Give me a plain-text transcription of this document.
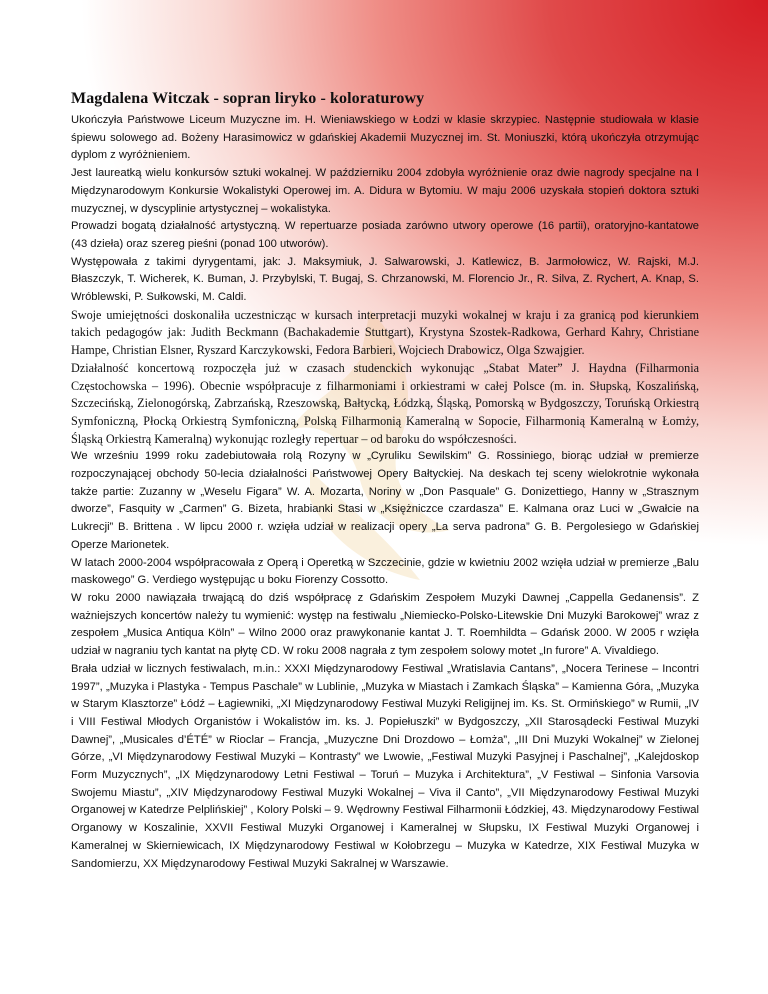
Magdalena Witczak - sopran liryko - koloraturowy

Ukończyła Państwowe Liceum Muzyczne im. H. Wieniawskiego w Łodzi w klasie skrzypiec. Następnie studiowała w klasie śpiewu solowego ad. Bożeny Harasimowicz w gdańskiej Akademii Muzycznej im. St. Moniuszki, którą ukończyła otrzymując dyplom z wyróżnieniem.

Jest laureatką wielu konkursów sztuki wokalnej. W październiku 2004 zdobyła wyróżnienie oraz dwie nagrody specjalne na I Międzynarodowym Konkursie Wokalistyki Operowej im. A. Didura w Bytomiu. W maju 2006 uzyskała stopień doktora sztuki muzycznej, w dyscyplinie artystycznej – wokalistyka.

Prowadzi bogatą działalność artystyczną. W repertuarze posiada zarówno utwory operowe (16 partii), oratoryjno-kantatowe (43 dzieła) oraz szereg pieśni (ponad 100 utworów).

Występowała z takimi dyrygentami, jak: J. Maksymiuk, J. Salwarowski, J. Katlewicz, B. Jarmołowicz, W. Rajski, M.J. Błaszczyk, T. Wicherek, K. Buman, J. Przybylski, T. Bugaj, S. Chrzanowski, M. Florencio Jr., R. Silva, Z. Rychert, A. Knap, S. Wróblewski, P. Sułkowski, M. Caldi.

Swoje umiejętności doskonaliła uczestnicząc w kursach interpretacji muzyki wokalnej w kraju i za granicą pod kierunkiem takich pedagogów jak: Judith Beckmann (Bachakademie Stuttgart), Krystyna Szostek-Radkowa, Gerhard Kahry, Christiane Hampe, Christian Elsner, Ryszard Karczykowski, Fedora Barbieri, Wojciech Drabowicz, Olga Szwajgier.

Działalność koncertową rozpoczęła już w czasach studenckich wykonując „Stabat Mater” J. Haydna (Filharmonia Częstochowska – 1996). Obecnie współpracuje z filharmoniami i orkiestrami w całej Polsce (m. in. Słupską, Koszalińską, Szczecińską, Zielonogórską, Zabrzańską, Rzeszowską, Bałtycką, Łódzką, Śląską, Pomorską w Bydgoszczy, Toruńską Orkiestrą Symfoniczną, Płocką Orkiestrą Symfoniczną, Polską Filharmonią Kameralną w Sopocie, Filharmonią Kameralną w Łomży, Śląską Orkiestrą Kameralną) wykonując rozległy repertuar – od baroku do współczesności.

We wrześniu 1999 roku zadebiutowała rolą Rozyny w „Cyruliku Sewilskim” G. Rossiniego, biorąc udział w premierze rozpoczynającej obchody 50-lecia działalności Państwowej Opery Bałtyckiej. Na deskach tej sceny wielokrotnie wykonała także partie: Zuzanny w „Weselu Figara” W. A. Mozarta, Noriny w „Don Pasquale” G. Donizettiego, Hanny w „Strasznym dworze”, Fasquity w „Carmen” G. Bizeta, hrabianki Stasi w „Księżniczce czardasza” E. Kalmana oraz Luci w „Gwałcie na Lukrecji” B. Brittena . W lipcu 2000 r. wzięła udział w realizacji opery „La serva padrona” G. B. Pergolesiego w Gdańskiej Operze Marionetek.

W latach 2000-2004 współpracowała z Operą i Operetką w Szczecinie, gdzie w kwietniu 2002 wzięła udział w premierze „Balu maskowego” G. Verdiego występując u boku Fiorenzy Cossotto.

W roku 2000 nawiązała trwającą do dziś współpracę z Gdańskim Zespołem Muzyki Dawnej „Cappella Gedanensis”. Z ważniejszych koncertów należy tu wymienić: występ na festiwalu „Niemiecko-Polsko-Litewskie Dni Muzyki Barokowej” wraz z zespołem „Musica Antiqua Köln” – Wilno 2000 oraz prawykonanie kantat J. T. Roemhildta – Gdańsk 2000. W 2005 r wzięła udział w nagraniu tych kantat na płytę CD. W roku 2008 nagrała z tym zespołem solowy motet „In furore” A. Vivaldiego.

Brała udział w licznych festiwalach, m.in.: XXXI Międzynarodowy Festiwal „Wratislavia Cantans”, „Nocera Terinese – Incontri 1997”, „Muzyka i Plastyka - Tempus Paschale” w Lublinie, „Muzyka w Miastach i Zamkach Śląska” – Kamienna Góra, „Muzyka w Starym Klasztorze” Łódź – Łagiewniki, „XI Międzynarodowy Festiwal Muzyki Religijnej im. Ks. St. Ormińskiego” w Rumii, „IV i VIII Festiwal Młodych Organistów i Wokalistów im. ks. J. Popiełuszki” w Bydgoszczy, „XII Starosądecki Festiwal Muzyki Dawnej”, „Musicales d’ÉTÉ” w Rioclar – Francja, „Muzyczne Dni Drozdowo – Łomża”, „III Dni Muzyki Wokalnej” w Zielonej Górze, „VI Międzynarodowy Festiwal Muzyki – Kontrasty” we Lwowie, „Festiwal Muzyki Pasyjnej i Paschalnej”, „Kalejdoskop Form Muzycznych”, „IX Międzynarodowy Letni Festiwal – Toruń – Muzyka i Architektura”, „V Festiwal – Sinfonia Varsovia Swojemu Miastu”, „XIV Międzynarodowy Festiwal Muzyki Wokalnej – Viva il Canto”, „VII Międzynarodowy Festiwal Muzyki Organowej w Katedrze Pelplińskiej” , Kolory Polski – 9. Wędrowny Festiwal Filharmonii Łódzkiej, 43. Międzynarodowy Festiwal Organowy w Koszalinie, XXVII Festiwal Muzyki Organowej i Kameralnej w Słupsku, IX Festiwal Muzyki Organowej i Kameralnej w Skierniewicach, IX Międzynarodowy Festiwal w Kołobrzegu – Muzyka w Katedrze, XIX Festiwal Muzyka w Sandomierzu, XX Międzynarodowy Festiwal Muzyki Sakralnej w Warszawie.
